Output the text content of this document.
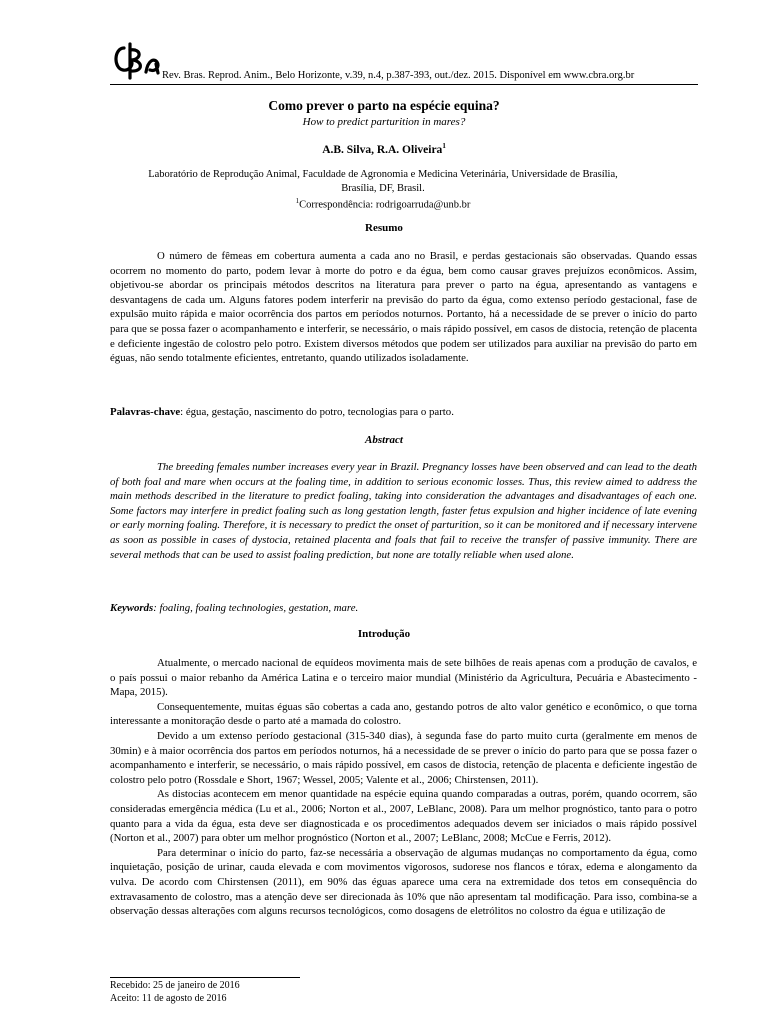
Rev. Bras. Reprod. Anim., Belo Horizonte, v.39, n.4, p.387-393, out./dez. 2015. Disponível em www.cbra.org.br
Como prever o parto na espécie equina?
How to predict parturition in mares?
A.B. Silva, R.A. Oliveira$^1$
Laboratório de Reprodução Animal, Faculdade de Agronomia e Medicina Veterinária, Universidade de Brasília,
Brasília, DF, Brasil.
$^1$Correspondência: rodrigoarruda@unb.br
Resumo
O número de fêmeas em cobertura aumenta a cada ano no Brasil, e perdas gestacionais são observadas. Quando essas ocorrem no momento do parto, podem levar à morte do potro e da égua, bem como causar graves prejuízos econômicos. Assim, objetivou-se abordar os principais métodos descritos na literatura para prever o parto na égua, apresentando as vantagens e desvantagens de cada um. Alguns fatores podem interferir na previsão do parto da égua, como extenso período gestacional, fase de expulsão muito rápida e maior ocorrência dos partos em períodos noturnos. Portanto, há a necessidade de se prever o início do parto para que se possa fazer o acompanhamento e interferir, se necessário, o mais rápido possível, em casos de distocia, retenção de placenta e deficiente ingestão de colostro pelo potro. Existem diversos métodos que podem ser utilizados para auxiliar na previsão do parto em éguas, não sendo totalmente eficientes, entretanto, quando utilizados isoladamente.
Palavras-chave: égua, gestação, nascimento do potro, tecnologias para o parto.
Abstract
The breeding females number increases every year in Brazil. Pregnancy losses have been observed and can lead to the death of both foal and mare when occurs at the foaling time, in addition to serious economic losses. Thus, this review aimed to address the main methods described in the literature to predict foaling, taking into consideration the advantages and disadvantages of each one. Some factors may interfere in predict foaling such as long gestation length, faster fetus expulsion and higher incidence of late evening or early morning foaling. Therefore, it is necessary to predict the onset of parturition, so it can be monitored and if necessary intervene as soon as possible in cases of dystocia, retained placenta and foals that fail to receive the transfer of passive immunity. There are several methods that can be used to assist foaling prediction, but none are totally reliable when used alone.
Keywords: foaling, foaling technologies, gestation, mare.
Introdução

Atualmente, o mercado nacional de equídeos movimenta mais de sete bilhões de reais apenas com a produção de cavalos, e o país possui o maior rebanho da América Latina e o terceiro maior mundial (Ministério da Agricultura, Pecuária e Abastecimento - Mapa, 2015).

Consequentemente, muitas éguas são cobertas a cada ano, gestando potros de alto valor genético e econômico, o que torna interessante a monitoração desde o parto até a mamada do colostro.

Devido a um extenso período gestacional (315-340 dias), à segunda fase do parto muito curta (geralmente em menos de 30min) e à maior ocorrência dos partos em períodos noturnos, há a necessidade de se prever o início do parto para que se possa fazer o acompanhamento e interferir, se necessário, o mais rápido possível, em casos de distocia, retenção de placenta e deficiente ingestão de colostro pelo potro (Rossdale e Short, 1967; Wessel, 2005; Valente et al., 2006; Chirstensen, 2011).

As distocias acontecem em menor quantidade na espécie equina quando comparadas a outras, porém, quando ocorrem, são consideradas emergência médica (Lu et al., 2006; Norton et al., 2007, LeBlanc, 2008). Para um melhor prognóstico, tanto para o potro quanto para a vida da égua, esta deve ser diagnosticada e os procedimentos adequados devem ser iniciados o mais rápido possível (Norton et al., 2007) para obter um melhor prognóstico (Norton et al., 2007; LeBlanc, 2008; McCue e Ferris, 2012).

Para determinar o início do parto, faz-se necessária a observação de algumas mudanças no comportamento da égua, como inquietação, posição de urinar, cauda elevada e com movimentos vigorosos, sudorese nos flancos e tórax, edema e alongamento da vulva. De acordo com Chirstensen (2011), em 90% das éguas aparece uma cera na extremidade dos tetos em consequência do extravasamento de colostro, mas a atenção deve ser direcionada às 10% que não apresentam tal modificação. Para isso, combina-se a observação dessas alterações com alguns recursos tecnológicos, como dosagens de eletrólitos no colostro da égua e utilização de

Recebido: 25 de janeiro de 2016
Aceito: 11 de agosto de 2016
